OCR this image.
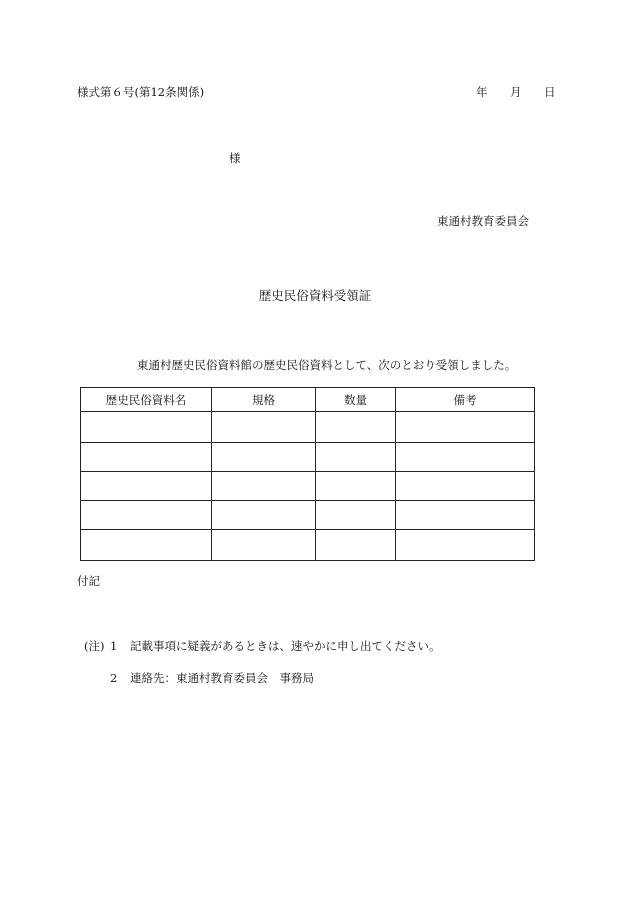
様式第６号(第12条関係)	年 月 日
様
東通村教育委員会
歴史民俗資料受領証
東通村歴史民俗資料館の歴史民俗資料として、次のとおり受領しました。
歴史民俗資料名	規格	数量	備考

付記
(注) 1 記載事項に疑義があるときは、速やかに申し出てください。
2 連絡先：東通村教育委員会　事務局
